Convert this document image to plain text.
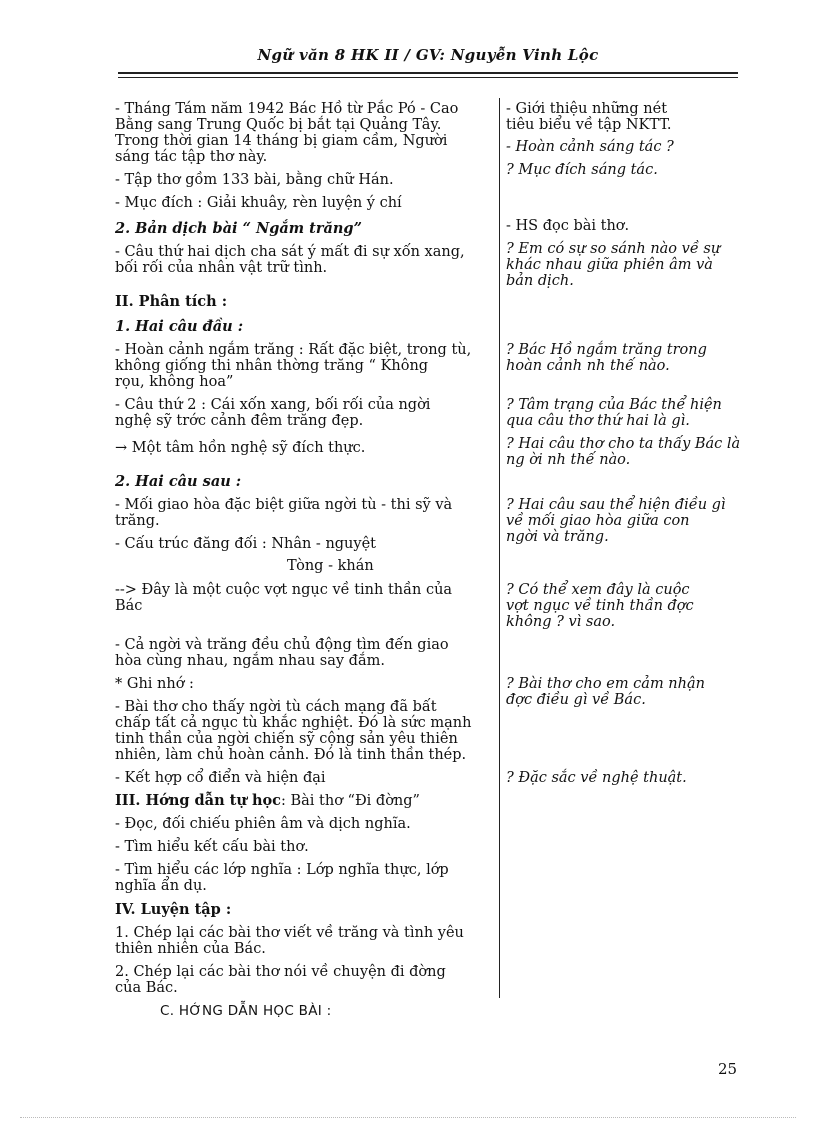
Ngữ văn 8 HK II / GV: Nguyễn Vinh Lộc
- Tháng Tám năm 1942 Bác Hồ từ Pắc Pó - Cao
Bằng sang Trung Quốc bị bắt tại Quảng Tây.
Trong thời gian 14 tháng bị giam cầm, Người
sáng tác tập thơ này.
- Tập thơ gồm 133 bài, bằng chữ Hán.
- Mục đích : Giải khuây, rèn luyện ý chí
2. Bản dịch bài “ Ngắm trăng”
- Câu thứ hai dịch cha sát ý mất đi sự xốn xang,
bối rối của nhân vật trữ tình.
II. Phân tích :
1. Hai câu đầu :
- Hoàn cảnh ngắm trăng : Rất đặc biệt, trong tù,
không giống thi nhân thờng trăng “ Không
rọu, không hoa”
- Câu thứ 2 : Cái xốn xang, bối rối của ngời
nghệ sỹ trớc cảnh đêm trăng đẹp.
→ Một tâm hồn nghệ sỹ đích thực.
2. Hai câu sau :
- Mối giao hòa đặc biệt giữa ngời tù - thi sỹ và
trăng.
- Cấu trúc đăng đối : Nhân - nguyệt
Tòng - khán
--> Đây là một cuộc vợt ngục về tinh thần của
Bác
- Cả ngời và trăng đều chủ động tìm đến giao
hòa cùng nhau, ngắm nhau say đắm.
* Ghi nhớ :
- Bài thơ cho thấy ngời tù cách mạng đã bất
chấp tất cả ngục tù khắc nghiệt. Đó là sức mạnh
tinh thần của ngời chiến sỹ cộng sản yêu thiên
nhiên, làm chủ hoàn cảnh. Đó là tinh thần thép.
- Kết hợp cổ điển và hiện đại
III. Hớng dẫn tự học: Bài thơ “Đi đờng”
- Đọc, đối chiếu phiên âm và dịch nghĩa.
- Tìm hiểu kết cấu bài thơ.
- Tìm hiểu các lớp nghĩa : Lớp nghĩa thực, lớp
nghĩa ẩn dụ.
IV. Luyện tập :
1. Chép lại các bài thơ viết về trăng và tình yêu
thiên nhiên của Bác.
2. Chép lại các bài thơ nói về chuyện đi đờng
của Bác.
- Giới thiệu những nét
tiêu biểu về tập NKTT.
- Hoàn cảnh sáng tác ?
? Mục đích sáng tác.
- HS đọc bài thơ.
? Em có sự so sánh nào về sự
khác nhau giữa phiên âm và
bản dịch.
? Bác Hồ ngắm trăng trong
hoàn cảnh nh thế nào.
? Tâm trạng của Bác thể hiện
qua câu thơ thứ hai là gì.
? Hai câu thơ cho ta thấy Bác là
ng ời nh thế nào.
? Hai câu sau thể hiện điều gì
về mối giao hòa giữa con
ngời và trăng.
? Có thể xem đây là cuộc
vợt ngục về tinh thần đợc
không ? vì sao.
? Bài thơ cho em cảm nhận
đợc điều gì về Bác.
? Đặc sắc về nghệ thuật.
C. HỚNG DẪN HỌC BÀI :
25
